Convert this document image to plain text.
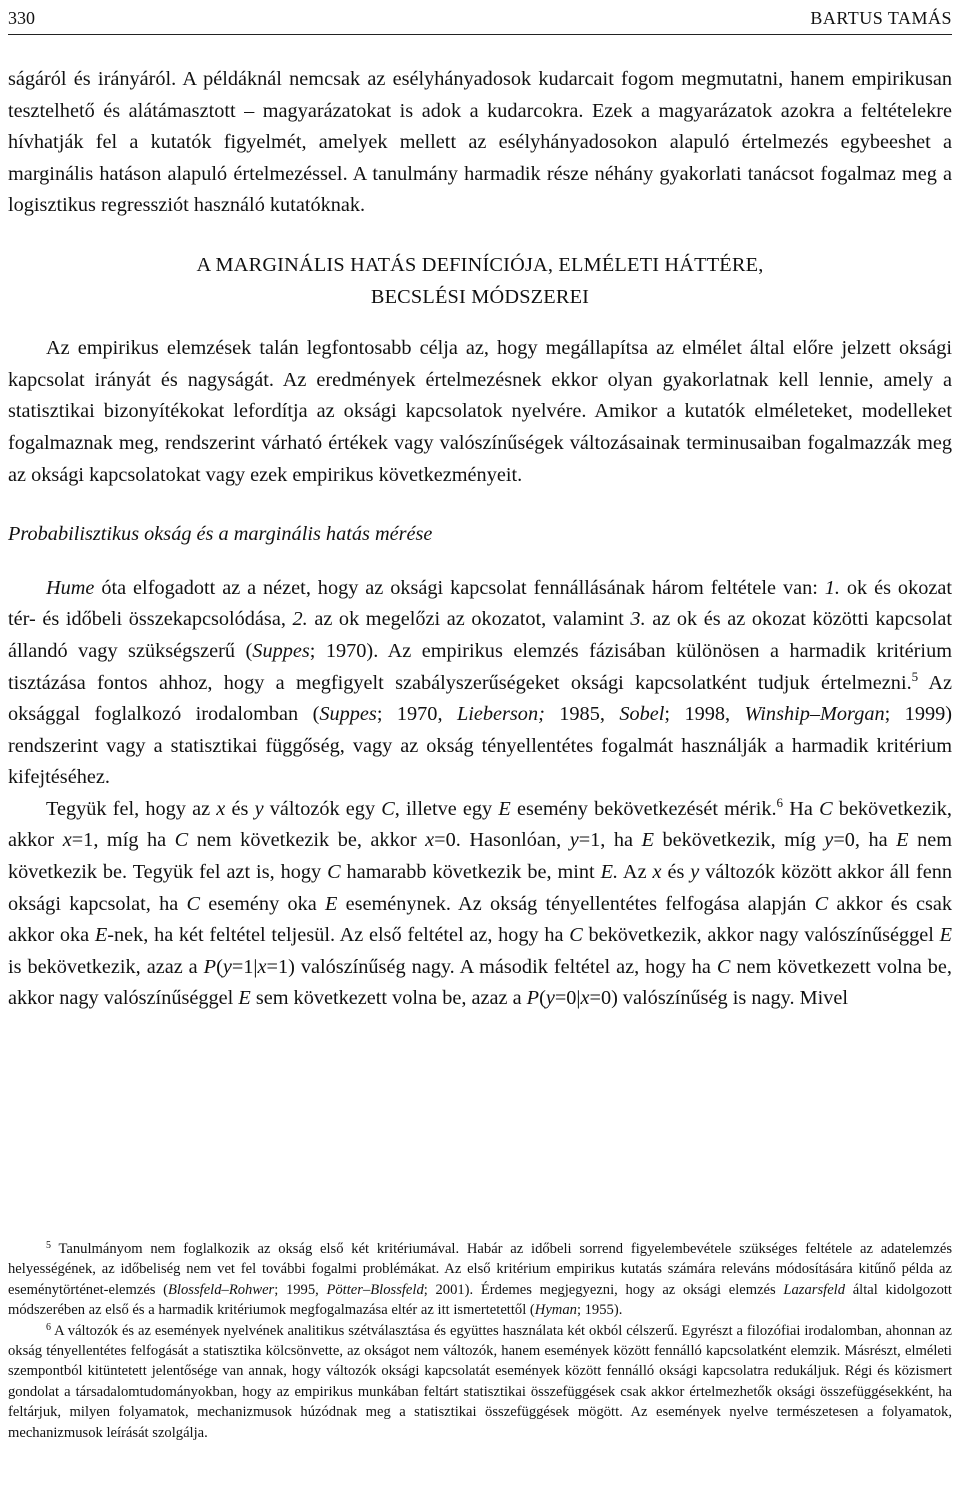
330	BARTUS TAMÁS

ságáról és irányáról. A példáknál nemcsak az esélyhányadosok kudarcait fogom megmutatni, hanem empirikusan tesztelhető és alátámasztott – magyarázatokat is adok a kudarcokra. Ezek a magyarázatok azokra a feltételekre hívhatják fel a kutatók figyelmét, amelyek mellett az esélyhányadosokon alapuló értelmezés egybeeshet a marginális hatáson alapuló értelmezéssel. A tanulmány harmadik része néhány gyakorlati tanácsot fogalmaz meg a logisztikus regressziót használó kutatóknak.

A MARGINÁLIS HATÁS DEFINÍCIÓJA, ELMÉLETI HÁTTÉRE,
BECSLÉSI MÓDSZEREI

Az empirikus elemzések talán legfontosabb célja az, hogy megállapítsa az elmélet által előre jelzett oksági kapcsolat irányát és nagyságát. Az eredmények értelmezésnek ekkor olyan gyakorlatnak kell lennie, amely a statisztikai bizonyítékokat lefordítja az oksági kapcsolatok nyelvére. Amikor a kutatók elméleteket, modelleket fogalmaznak meg, rendszerint várható értékek vagy valószínűségek változásainak terminusaiban fogalmazzák meg az oksági kapcsolatokat vagy ezek empirikus következményeit.

Probabilisztikus okság és a marginális hatás mérése

Hume óta elfogadott az a nézet, hogy az oksági kapcsolat fennállásának három feltétele van: 1. ok és okozat tér- és időbeli összekapcsolódása, 2. az ok megelőzi az okozatot, valamint 3. az ok és az okozat közötti kapcsolat állandó vagy szükségszerű (Suppes; 1970). Az empirikus elemzés fázisában különösen a harmadik kritérium tisztázása fontos ahhoz, hogy a megfigyelt szabályszerűségeket oksági kapcsolatként tudjuk értelmezni.$^5$ Az oksággal foglalkozó irodalomban (Suppes; 1970, Lieberson; 1985, Sobel; 1998, Winship–Morgan; 1999) rendszerint vagy a statisztikai függőség, vagy az okság tényellentétes fogalmát használják a harmadik kritérium kifejtéséhez.

Tegyük fel, hogy az x és y változók egy C, illetve egy E esemény bekövetkezését mérik.$^6$ Ha C bekövetkezik, akkor x=1, míg ha C nem következik be, akkor x=0. Hasonlóan, y=1, ha E bekövetkezik, míg y=0, ha E nem következik be. Tegyük fel azt is, hogy C hamarabb következik be, mint E. Az x és y változók között akkor áll fenn oksági kapcsolat, ha C esemény oka E eseménynek. Az okság tényellentétes felfogása alapján C akkor és csak akkor oka E-nek, ha két feltétel teljesül. Az első feltétel az, hogy ha C bekövetkezik, akkor nagy valószínűséggel E is bekövetkezik, azaz a P(y=1|x=1) valószínűség nagy. A második feltétel az, hogy ha C nem következett volna be, akkor nagy valószínűséggel E sem következett volna be, azaz a P(y=0|x=0) valószínűség is nagy. Mivel

$^5$ Tanulmányom nem foglalkozik az okság első két kritériumával. Habár az időbeli sorrend figyelembevétele szükséges feltétele az adatelemzés helyességének, az időbeliség nem vet fel további fogalmi problémákat. Az első kritérium empirikus kutatás számára releváns módosítására kitűnő példa az eseménytörténet-elemzés (Blossfeld–Rohwer; 1995, Pötter–Blossfeld; 2001). Érdemes megjegyezni, hogy az oksági elemzés Lazarsfeld által kidolgozott módszerében az első és a harmadik kritériumok megfogalmazása eltér az itt ismertetettől (Hyman; 1955).

$^6$ A változók és az események nyelvének analitikus szétválasztása és együttes használata két okból célszerű. Egyrészt a filozófiai irodalomban, ahonnan az okság tényellentétes felfogását a statisztika kölcsönvette, az okságot nem változók, hanem események között fennálló kapcsolatként elemzik. Másrészt, elméleti szempontból kitüntetett jelentősége van annak, hogy változók oksági kapcsolatát események között fennálló oksági kapcsolatra redukáljuk. Régi és közismert gondolat a társadalomtudományokban, hogy az empirikus munkában feltárt statisztikai összefüggések csak akkor értelmezhetők oksági összefüggésekként, ha feltárjuk, milyen folyamatok, mechanizmusok húzódnak meg a statisztikai összefüggések mögött. Az események nyelve természetesen a folyamatok, mechanizmusok leírását szolgálja.
